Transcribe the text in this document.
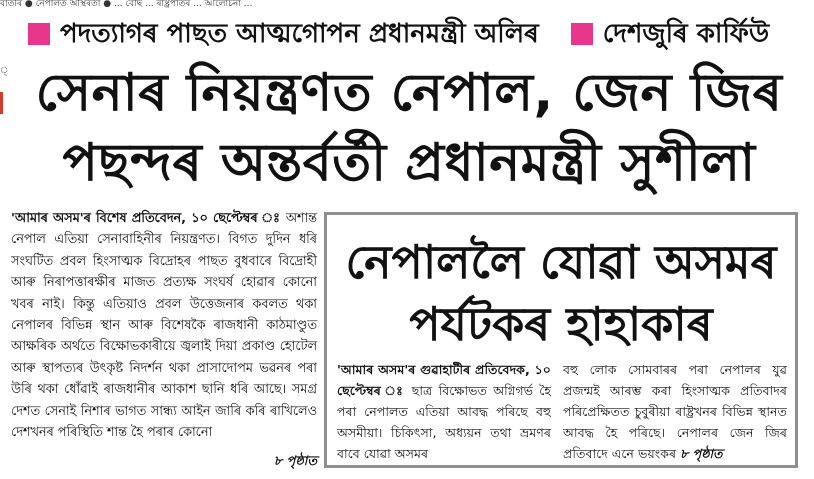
বাতৰি ● নেপালত অস্থিৰতা ● ... বেছি ... ৰাষ্ট্ৰপতিৰ ... আলোচনা ...
্
পদত্যাগৰ পাছত আত্মগোপন প্ৰধানমন্ত্ৰী অলিৰ দেশজুৰি কাৰ্ফিউ
সেনাৰ নিয়ন্ত্ৰণত নেপাল, জেন জিৰ
পছন্দৰ অন্তৰ্বৰ্তী প্ৰধানমন্ত্ৰী সুশীলা
'আমাৰ অসম'ৰ বিশেষ প্ৰতিবেদন, ১০ ছেপ্টেম্বৰ ঃ অশান্ত নেপাল এতিয়া সেনাবাহিনীৰ নিয়ন্ত্ৰণত। বিগত দুদিন ধৰি সংঘটিত প্ৰবল হিংসাত্মক বিদ্ৰোহৰ পাছত বুধবাৰে বিদ্ৰোহী আৰু নিৰাপত্তাৰক্ষীৰ মাজত প্ৰত্যক্ষ সংঘৰ্ষ হোৱাৰ কোনো খবৰ নাই। কিন্তু এতিয়াও প্ৰবল উত্তেজনাৰ কবলত থকা নেপালৰ বিভিন্ন স্থান আৰু বিশেষকৈ ৰাজধানী কাঠমাণ্ডুত আক্ষৰিক অৰ্থতে বিক্ষোভকাৰীয়ে জ্বলাই দিয়া প্ৰকাণ্ড হোটেল আৰু স্থাপত্যৰ উৎকৃষ্ট নিদৰ্শন থকা প্ৰাসাদোপম ভৱনৰ পৰা উৰি থকা ধোঁৱাই ৰাজধানীৰ আকাশ ছানি ধৰি আছে। সমগ্ৰ দেশত সেনাই নিশাৰ ভাগত সান্ধ্য আইন জাৰি কৰি ৰাখিলেও দেশখনৰ পৰিস্থিতি শান্ত হৈ পৰাৰ কোনো
৮ পৃষ্ঠাত
নেপাললৈ যোৱা অসমৰ
পৰ্যটকৰ হাহাকাৰ
'আমাৰ অসম'ৰ গুৱাহাটীৰ প্ৰতিবেদক, ১০ ছেপ্টেম্বৰ ঃ ছাত্ৰ বিক্ষোভত অগ্নিগৰ্ভ হৈ পৰা নেপালত এতিয়া আবদ্ধ পৰিছে বহু অসমীয়া। চিকিৎসা, অধ্যয়ন তথা ভ্ৰমণৰ বাবে যোৱা অসমৰ
বহু লোক সোমবাৰৰ পৰা নেপালৰ যুৱ প্ৰজন্মই আৰম্ভ কৰা হিংসাত্মক প্ৰতিবাদৰ পৰিপ্ৰেক্ষিতত চুবুৰীয়া ৰাষ্ট্ৰখনৰ বিভিন্ন স্থানত আবদ্ধ হৈ পৰিছে। নেপালৰ জেন জিৰ প্ৰতিবাদে এনে ভয়ংকৰ ৮ পৃষ্ঠাত
